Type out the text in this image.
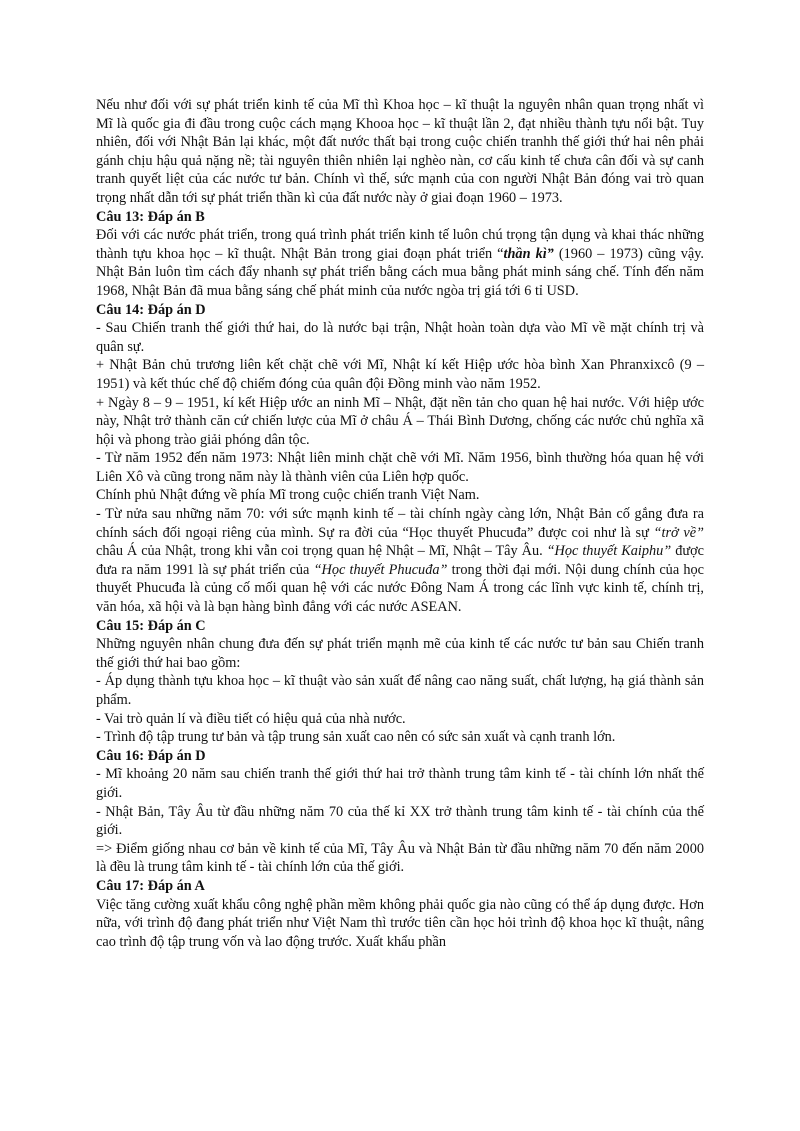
Nếu như đối với sự phát triển kinh tế của Mĩ thì Khoa học – kĩ thuật la nguyên nhân quan trọng nhất vì Mĩ là quốc gia đi đầu trong cuộc cách mạng Khooa học – kĩ thuật lần 2, đạt nhiều thành tựu nổi bật. Tuy nhiên, đối với Nhật Bản lại khác, một đất nước thất bại trong cuộc chiến tranhh thế giới thứ hai nên phải gánh chịu hậu quả nặng nề; tài nguyên thiên nhiên lại nghèo nàn, cơ cấu kinh tế chưa cân đối và sự canh tranh quyết liệt của các nước tư bản. Chính vì thế, sức mạnh của con người Nhật Bản đóng vai trò quan trọng nhất dẫn tới sự phát triển thần kì của đất nước này ở giai đoạn 1960 – 1973.

Câu 13: Đáp án B

Đối với các nước phát triển, trong quá trình phát triển kinh tế luôn chú trọng tận dụng và khai thác những thành tựu khoa học – kĩ thuật. Nhật Bản trong giai đoạn phát triển “thần kì” (1960 – 1973) cũng vậy. Nhật Bản luôn tìm cách đẩy nhanh sự phát triển bằng cách mua bằng phát minh sáng chế. Tính đến năm 1968, Nhật Bản đã mua bằng sáng chế phát minh của nước ngòa trị giá tới 6 tỉ USD.

Câu 14: Đáp án D

- Sau Chiến tranh thế giới thứ hai, do là nước bại trận, Nhật hoàn toàn dựa vào Mĩ về mặt chính trị và quân sự.

+ Nhật Bản chủ trương liên kết chặt chẽ với Mĩ, Nhật kí kết Hiệp ước hòa bình Xan Phranxixcô (9 – 1951) và kết thúc chế độ chiếm đóng của quân đội Đồng minh vào năm 1952.

+ Ngày 8 – 9 – 1951, kí kết Hiệp ước an ninh Mĩ – Nhật, đặt nền tản cho quan hệ hai nước. Với hiệp ước này, Nhật trở thành căn cứ chiến lược của Mĩ ở châu Á – Thái Bình Dương, chống các nước chủ nghĩa xã hội và phong trào giải phóng dân tộc.

- Từ năm 1952 đến năm 1973: Nhật liên minh chặt chẽ với Mĩ. Năm 1956, bình thường hóa quan hệ với Liên Xô và cũng trong năm này là thành viên của Liên hợp quốc.

Chính phủ Nhật đứng về phía Mĩ trong cuộc chiến tranh Việt Nam.

- Từ nửa sau những năm 70: với sức mạnh kinh tế – tài chính ngày càng lớn, Nhật Bản cố gắng đưa ra chính sách đối ngoại riêng của mình. Sự ra đời của “Học thuyết Phucuđa” được coi như là sự “trở về” châu Á của Nhật, trong khi vẫn coi trọng quan hệ Nhật – Mĩ, Nhật – Tây Âu. “Học thuyết Kaiphu” được đưa ra năm 1991 là sự phát triển của “Học thuyết Phucuđa” trong thời đại mới. Nội dung chính của học thuyết Phucuđa là củng cố mối quan hệ với các nước Đông Nam Á trong các lĩnh vực kinh tế, chính trị, văn hóa, xã hội và là bạn hàng bình đẳng với các nước ASEAN.

Câu 15: Đáp án C

Những nguyên nhân chung đưa đến sự phát triển mạnh mẽ của kinh tế các nước tư bản sau Chiến tranh thế giới thứ hai bao gồm:

- Áp dụng thành tựu khoa học – kĩ thuật vào sản xuất để nâng cao năng suất, chất lượng, hạ giá thành sản phẩm.

- Vai trò quản lí và điều tiết có hiệu quả của nhà nước.

- Trình độ tập trung tư bản và tập trung sản xuất cao nên có sức sản xuất và cạnh tranh lớn.

Câu 16: Đáp án D

- Mĩ khoảng 20 năm sau chiến tranh thế giới thứ hai trở thành trung tâm kinh tế - tài chính lớn nhất thế giới.

- Nhật Bản, Tây Âu từ đầu những năm 70 của thế kỉ XX trở thành trung tâm kinh tế - tài chính của thế giới.

=> Điểm giống nhau cơ bản về kinh tế của Mĩ, Tây Âu và Nhật Bản từ đầu những năm 70 đến năm 2000 là đều là trung tâm kinh tế - tài chính lớn của thế giới.

Câu 17: Đáp án A

Việc tăng cường xuất khẩu công nghệ phần mềm không phải quốc gia nào cũng có thể áp dụng được. Hơn nữa, với trình độ đang phát triển như Việt Nam thì trước tiên cần học hỏi trình độ khoa học kĩ thuật, nâng cao trình độ tập trung vốn và lao động trước. Xuất khẩu phần
